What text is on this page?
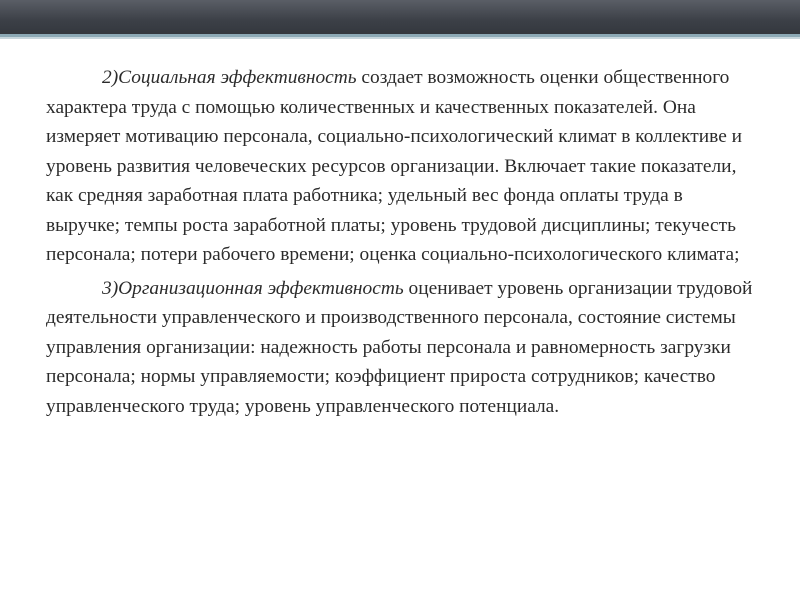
2)Социальная эффективность создает возможность оценки общественного характера труда с помощью количественных и качественных показателей. Она измеряет мотивацию персонала, социально-психологический климат в коллективе и уровень развития человеческих ресурсов организации. Включает такие показатели, как средняя заработная плата работника; удельный вес фонда оплаты труда в выручке; темпы роста заработной платы; уровень трудовой дисциплины; текучесть персонала; потери рабочего времени; оценка социально-психологического климата;

3)Организационная эффективность оценивает уровень организации трудовой деятельности управленческого и производственного персонала, состояние системы управления организации: надежность работы персонала и равномерность загрузки персонала; нормы управляемости; коэффициент прироста сотрудников; качество управленческого труда; уровень управленческого потенциала.
